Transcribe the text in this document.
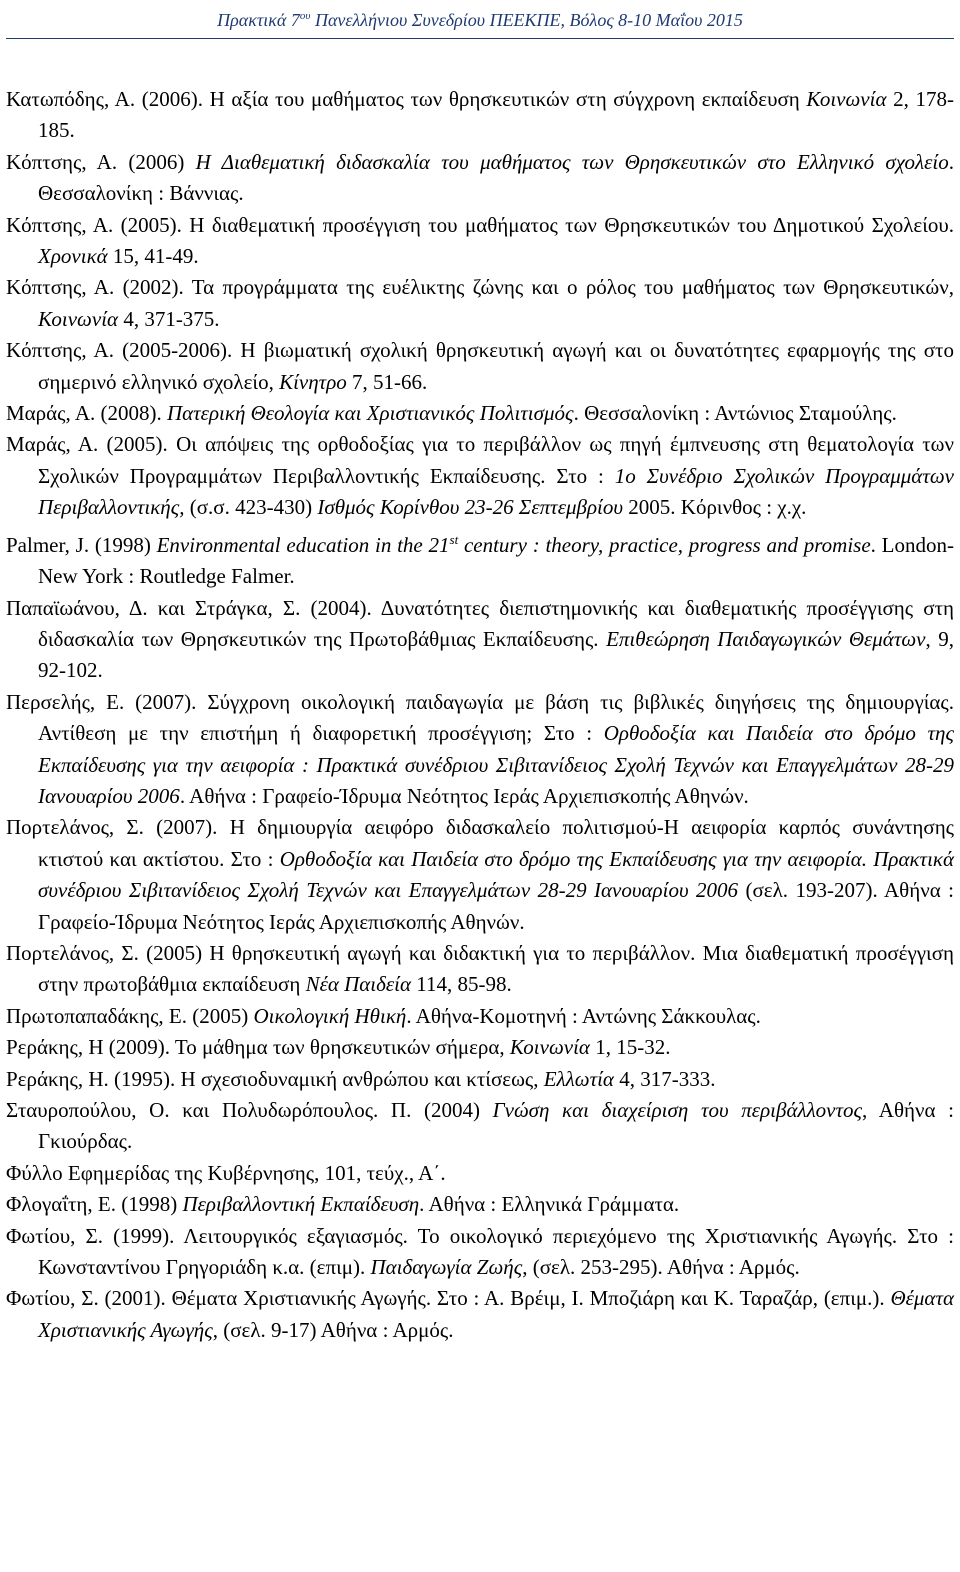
Πρακτικά $7^{o\upsilon}$ Πανελλήνιου Συνεδρίου ΠΕΕΚΠΕ, Βόλος 8-10 Μαΐου 2015
Κατωπόδης, Α. (2006). Η αξία του μαθήματος των θρησκευτικών στη σύγχρονη εκπαίδευση Κοινωνία 2, 178-185.
Κόπτσης, Α. (2006) Η Διαθεματική διδασκαλία του μαθήματος των Θρησκευτικών στο Ελληνικό σχολείο. Θεσσαλονίκη : Βάννιας.
Κόπτσης, Α. (2005). Η διαθεματική προσέγγιση του μαθήματος των Θρησκευτικών του Δημοτικού Σχολείου. Χρονικά 15, 41-49.
Κόπτσης, Α. (2002). Τα προγράμματα της ευέλικτης ζώνης και ο ρόλος του μαθήματος των Θρησκευτικών, Κοινωνία 4, 371-375.
Κόπτσης, Α. (2005-2006). Η βιωματική σχολική θρησκευτική αγωγή και οι δυνατότητες εφαρμογής της στο σημερινό ελληνικό σχολείο, Κίνητρο 7, 51-66.
Μαράς, Α. (2008). Πατερική Θεολογία και Χριστιανικός Πολιτισμός. Θεσσαλονίκη : Αντώνιος Σταμούλης.
Μαράς, Α. (2005). Οι απόψεις της ορθοδοξίας για το περιβάλλον ως πηγή έμπνευσης στη θεματολογία των Σχολικών Προγραμμάτων Περιβαλλοντικής Εκπαίδευσης. Στο : 1ο Συνέδριο Σχολικών Προγραμμάτων Περιβαλλοντικής, (σ.σ. 423-430) Ισθμός Κορίνθου 23-26 Σεπτεμβρίου 2005. Κόρινθος : χ.χ.
Palmer, J. (1998) Environmental education in the 21st century : theory, practice, progress and promise. London-New York : Routledge Falmer.
Παπαϊωάνου, Δ. και Στράγκα, Σ. (2004). Δυνατότητες διεπιστημονικής και διαθεματικής προσέγγισης στη διδασκαλία των Θρησκευτικών της Πρωτοβάθμιας Εκπαίδευσης. Επιθεώρηση Παιδαγωγικών Θεμάτων, 9, 92-102.
Περσελής, Ε. (2007). Σύγχρονη οικολογική παιδαγωγία με βάση τις βιβλικές διηγήσεις της δημιουργίας. Αντίθεση με την επιστήμη ή διαφορετική προσέγγιση; Στο : Ορθοδοξία και Παιδεία στο δρόμο της Εκπαίδευσης για την αειφορία : Πρακτικά συνέδριου Σιβιτανίδειος Σχολή Τεχνών και Επαγγελμάτων 28-29 Ιανουαρίου 2006. Αθήνα : Γραφείο-Ίδρυμα Νεότητος Ιεράς Αρχιεπισκοπής Αθηνών.
Πορτελάνος, Σ. (2007). Η δημιουργία αειφόρο διδασκαλείο πολιτισμού-Η αειφορία καρπός συνάντησης κτιστού και ακτίστου. Στο : Ορθοδοξία και Παιδεία στο δρόμο της Εκπαίδευσης για την αειφορία. Πρακτικά συνέδριου Σιβιτανίδειος Σχολή Τεχνών και Επαγγελμάτων 28-29 Ιανουαρίου 2006 (σελ. 193-207). Αθήνα : Γραφείο-Ίδρυμα Νεότητος Ιεράς Αρχιεπισκοπής Αθηνών.
Πορτελάνος, Σ. (2005) Η θρησκευτική αγωγή και διδακτική για το περιβάλλον. Μια διαθεματική προσέγγιση στην πρωτοβάθμια εκπαίδευση Νέα Παιδεία 114, 85-98.
Πρωτοπαπαδάκης, Ε. (2005) Οικολογική Ηθική. Αθήνα-Κομοτηνή : Αντώνης Σάκκουλας.
Ρεράκης, Η (2009). Το μάθημα των θρησκευτικών σήμερα, Κοινωνία 1, 15-32.
Ρεράκης, Η. (1995). Η σχεσιοδυναμική ανθρώπου και κτίσεως, Ελλωτία 4, 317-333.
Σταυροπούλου, Ο. και Πολυδωρόπουλος. Π. (2004) Γνώση και διαχείριση του περιβάλλοντος, Αθήνα : Γκιούρδας.
Φύλλο Εφημερίδας της Κυβέρνησης, 101, τεύχ., Α΄.
Φλογαΐτη, Ε. (1998) Περιβαλλοντική Εκπαίδευση. Αθήνα : Ελληνικά Γράμματα.
Φωτίου, Σ. (1999). Λειτουργικός εξαγιασμός. Το οικολογικό περιεχόμενο της Χριστιανικής Αγωγής. Στο : Κωνσταντίνου Γρηγοριάδη κ.α. (επιμ). Παιδαγωγία Ζωής, (σελ. 253-295). Αθήνα : Αρμός.
Φωτίου, Σ. (2001). Θέματα Χριστιανικής Αγωγής. Στο : Α. Βρέιμ, Ι. Μποζιάρη και Κ. Ταραζάρ, (επιμ.). Θέματα Χριστιανικής Αγωγής, (σελ. 9-17) Αθήνα : Αρμός.
